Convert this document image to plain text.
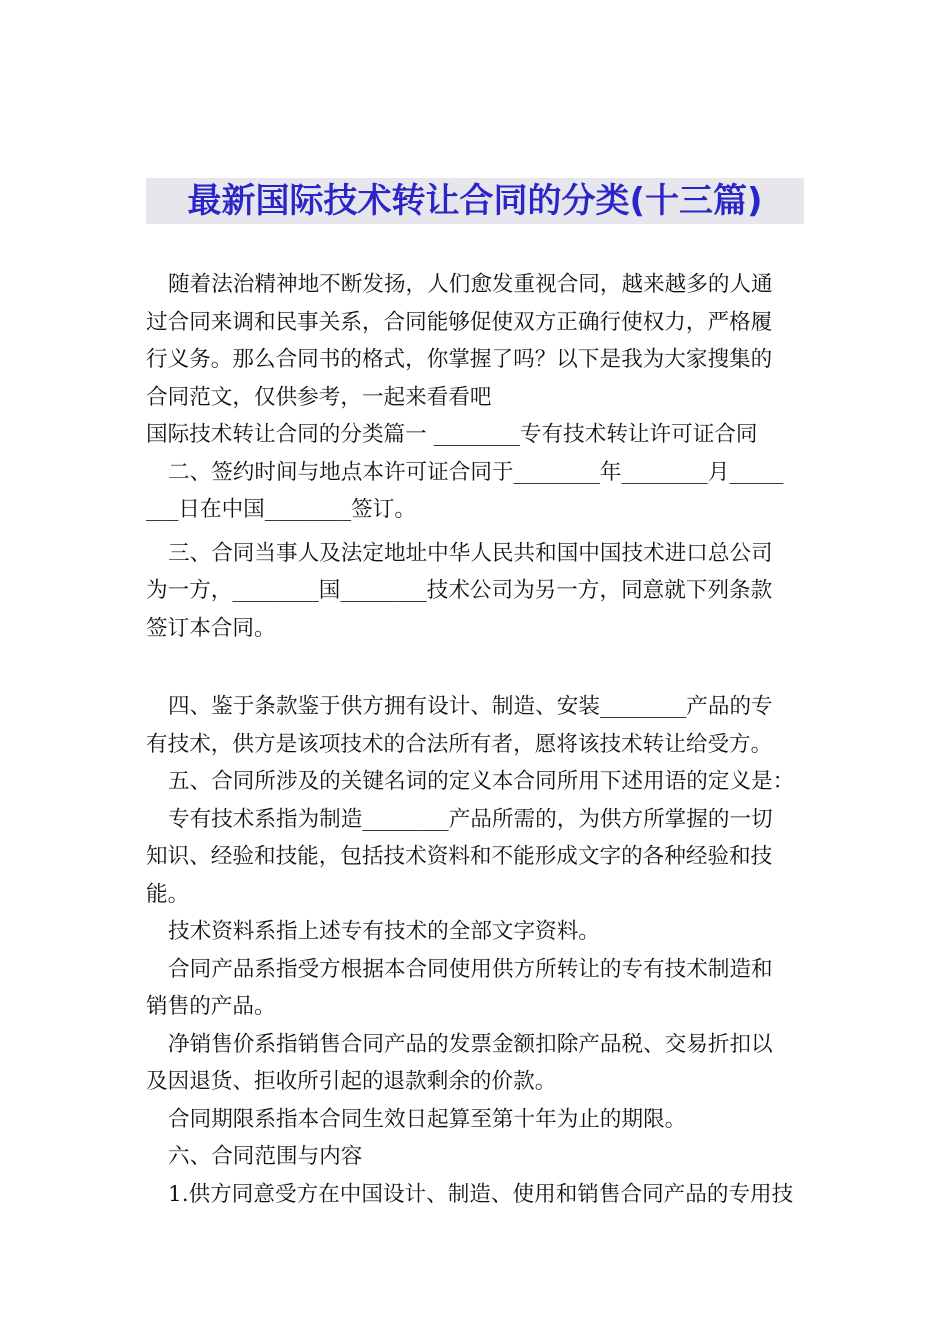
最新国际技术转让合同的分类(十三篇)

随着法治精神地不断发扬，人们愈发重视合同，越来越多的人通

过合同来调和民事关系，合同能够促使双方正确行使权力，严格履

行义务。那么合同书的格式，你掌握了吗？以下是我为大家搜集的

合同范文，仅供参考，一起来看看吧

国际技术转让合同的分类篇一 ________专有技术转让许可证合同

二、签约时间与地点本许可证合同于________年________月_____

___日在中国________签订。

三、合同当事人及法定地址中华人民共和国中国技术进口总公司

为一方，________国________技术公司为另一方，同意就下列条款

签订本合同。

四、鉴于条款鉴于供方拥有设计、制造、安装________产品的专

有技术，供方是该项技术的合法所有者，愿将该技术转让给受方。

五、合同所涉及的关键名词的定义本合同所用下述用语的定义是：

专有技术系指为制造________产品所需的，为供方所掌握的一切

知识、经验和技能，包括技术资料和不能形成文字的各种经验和技

能。

技术资料系指上述专有技术的全部文字资料。

合同产品系指受方根据本合同使用供方所转让的专有技术制造和

销售的产品。

净销售价系指销售合同产品的发票金额扣除产品税、交易折扣以

及因退货、拒收所引起的退款剩余的价款。

合同期限系指本合同生效日起算至第十年为止的期限。

六、合同范围与内容

1.供方同意受方在中国设计、制造、使用和销售合同产品的专用技
